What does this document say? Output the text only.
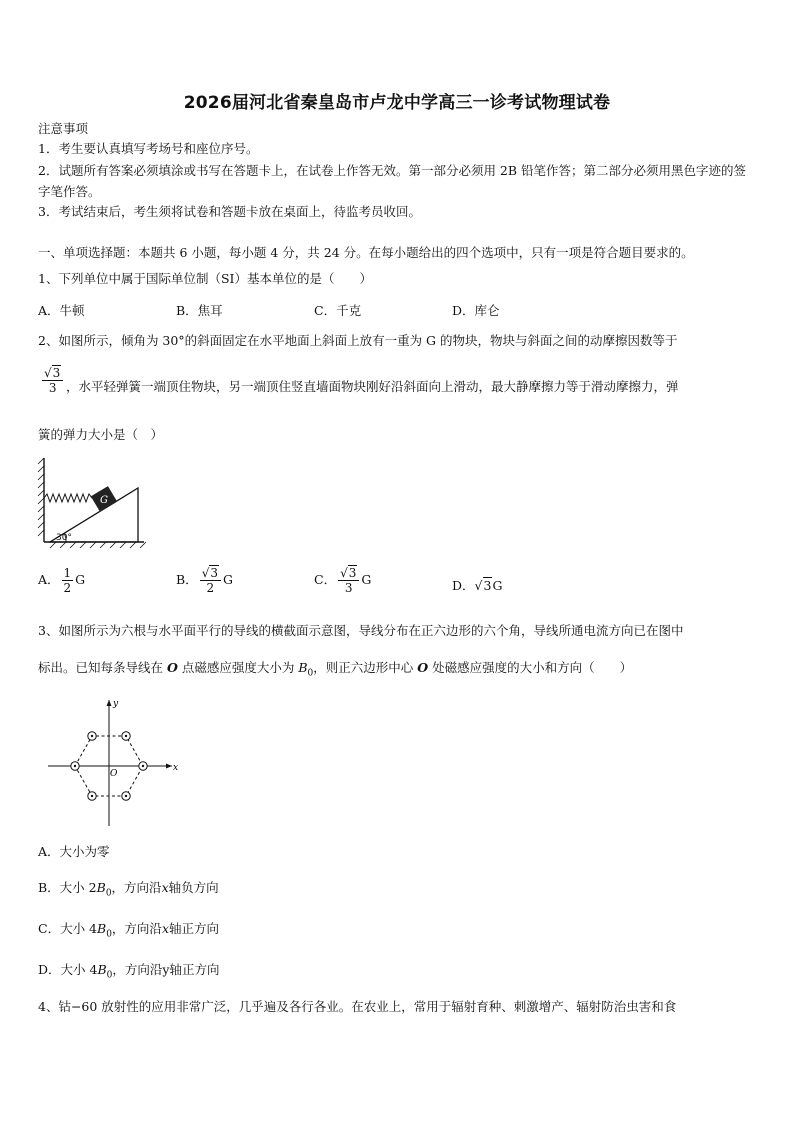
2026届河北省秦皇岛市卢龙中学高三一诊考试物理试卷
注意事项
1．考生要认真填写考场号和座位序号。
2．试题所有答案必须填涂或书写在答题卡上，在试卷上作答无效。第一部分必须用 2B 铅笔作答；第二部分必须用黑色字迹的签字笔作答。
3．考试结束后，考生须将试卷和答题卡放在桌面上，待监考员收回。
一、单项选择题：本题共 6 小题，每小题 4 分，共 24 分。在每小题给出的四个选项中，只有一项是符合题目要求的。
1、下列单位中属于国际单位制（SI）基本单位的是（　　）
A．牛顿	B．焦耳	C．千克	D．库仑
2、如图所示，倾角为 30°的斜面固定在水平地面上斜面上放有一重为 G 的物块，物块与斜面之间的动摩擦因数等于
$\frac{√3}{3}$ ，水平轻弹簧一端顶住物块，另一端顶住竖直墙面物块刚好沿斜面向上滑动，最大静摩擦力等于滑动摩擦力，弹
簧的弹力大小是（　）
G
30°
A． $\frac{1}{2}$ G	B． $\frac{√3}{2}$ G	C． $\frac{√3}{3}$ G	D．√3G
3、如图所示为六根与水平面平行的导线的横截面示意图，导线分布在正六边形的六个角，导线所通电流方向已在图中
标出。已知每条导线在 O 点磁感应强度大小为 $B_0$，则正六边形中心 O 处磁感应强度的大小和方向（　　）
x
y
O
A．大小为零
B．大小 $2B_0$，方向沿x轴负方向
C．大小 $4B_0$，方向沿x轴正方向
D．大小 $4B_0$，方向沿y轴正方向
4、钴−60 放射性的应用非常广泛，几乎遍及各行各业。在农业上，常用于辐射育种、刺激增产、辐射防治虫害和食
